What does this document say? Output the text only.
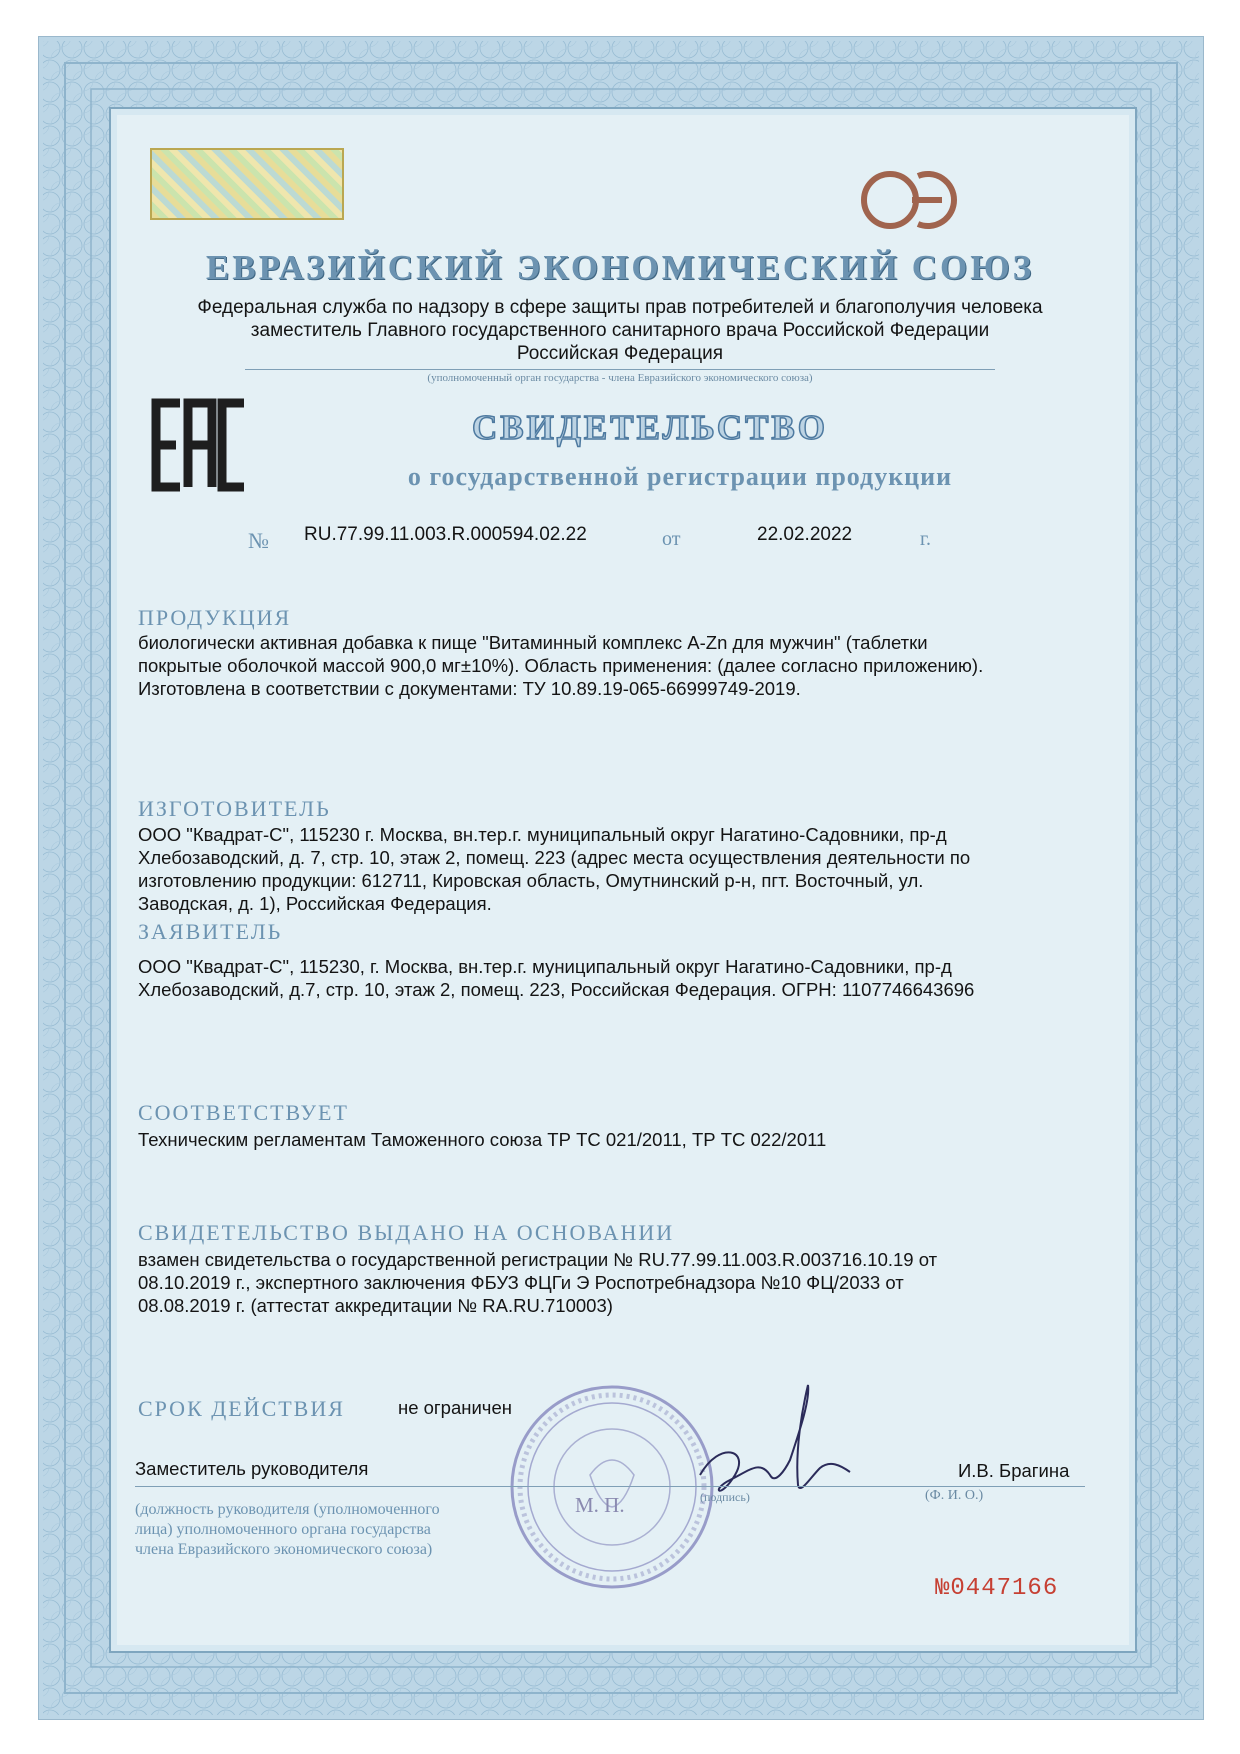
ЕВРАЗИЙСКИЙ ЭКОНОМИЧЕСКИЙ СОЮЗ
Федеральная служба по надзору в сфере защиты прав потребителей и благополучия человека
заместитель Главного государственного санитарного врача Российской Федерации
Российская Федерация
(уполномоченный орган государства - члена Евразийского экономического союза)
СВИДЕТЕЛЬСТВО
о государственной регистрации продукции
№ RU.77.99.11.003.R.000594.02.22	от	22.02.2022	г.
ПРОДУКЦИЯ
биологически активная добавка к пище "Витаминный комплекс A-Zn для мужчин" (таблетки
покрытые оболочкой массой 900,0 мг±10%). Область применения: (далее согласно приложению).
Изготовлена в соответствии с документами: ТУ 10.89.19-065-66999749-2019.
ИЗГОТОВИТЕЛЬ
ООО "Квадрат-С", 115230 г. Москва, вн.тер.г. муниципальный округ Нагатино-Садовники, пр-д
Хлебозаводский, д. 7, стр. 10, этаж 2, помещ. 223 (адрес места осуществления деятельности по
изготовлению продукции: 612711, Кировская область, Омутнинский р-н, пгт. Восточный, ул.
Заводская, д. 1), Российская Федерация.
ЗАЯВИТЕЛЬ
ООО "Квадрат-С", 115230, г. Москва, вн.тер.г. муниципальный округ Нагатино-Садовники, пр-д
Хлебозаводский, д.7, стр. 10, этаж 2, помещ. 223, Российская Федерация. ОГРН: 1107746643696
СООТВЕТСТВУЕТ
Техническим регламентам Таможенного союза ТР ТС 021/2011, ТР ТС 022/2011
СВИДЕТЕЛЬСТВО ВЫДАНО НА ОСНОВАНИИ
взамен свидетельства о государственной регистрации № RU.77.99.11.003.R.003716.10.19 от
08.10.2019 г., экспертного заключения ФБУЗ ФЦГи Э Роспотребнадзора №10 ФЦ/2033 от
08.08.2019 г. (аттестат аккредитации № RA.RU.710003)
СРОК ДЕЙСТВИЯ	не ограничен
М. П.
Заместитель руководителя	И.В. Брагина
(подпись)	(Ф. И. О.)
(должность руководителя (уполномоченного
лица) уполномоченного органа государства
члена Евразийского экономического союза)
№0447166
